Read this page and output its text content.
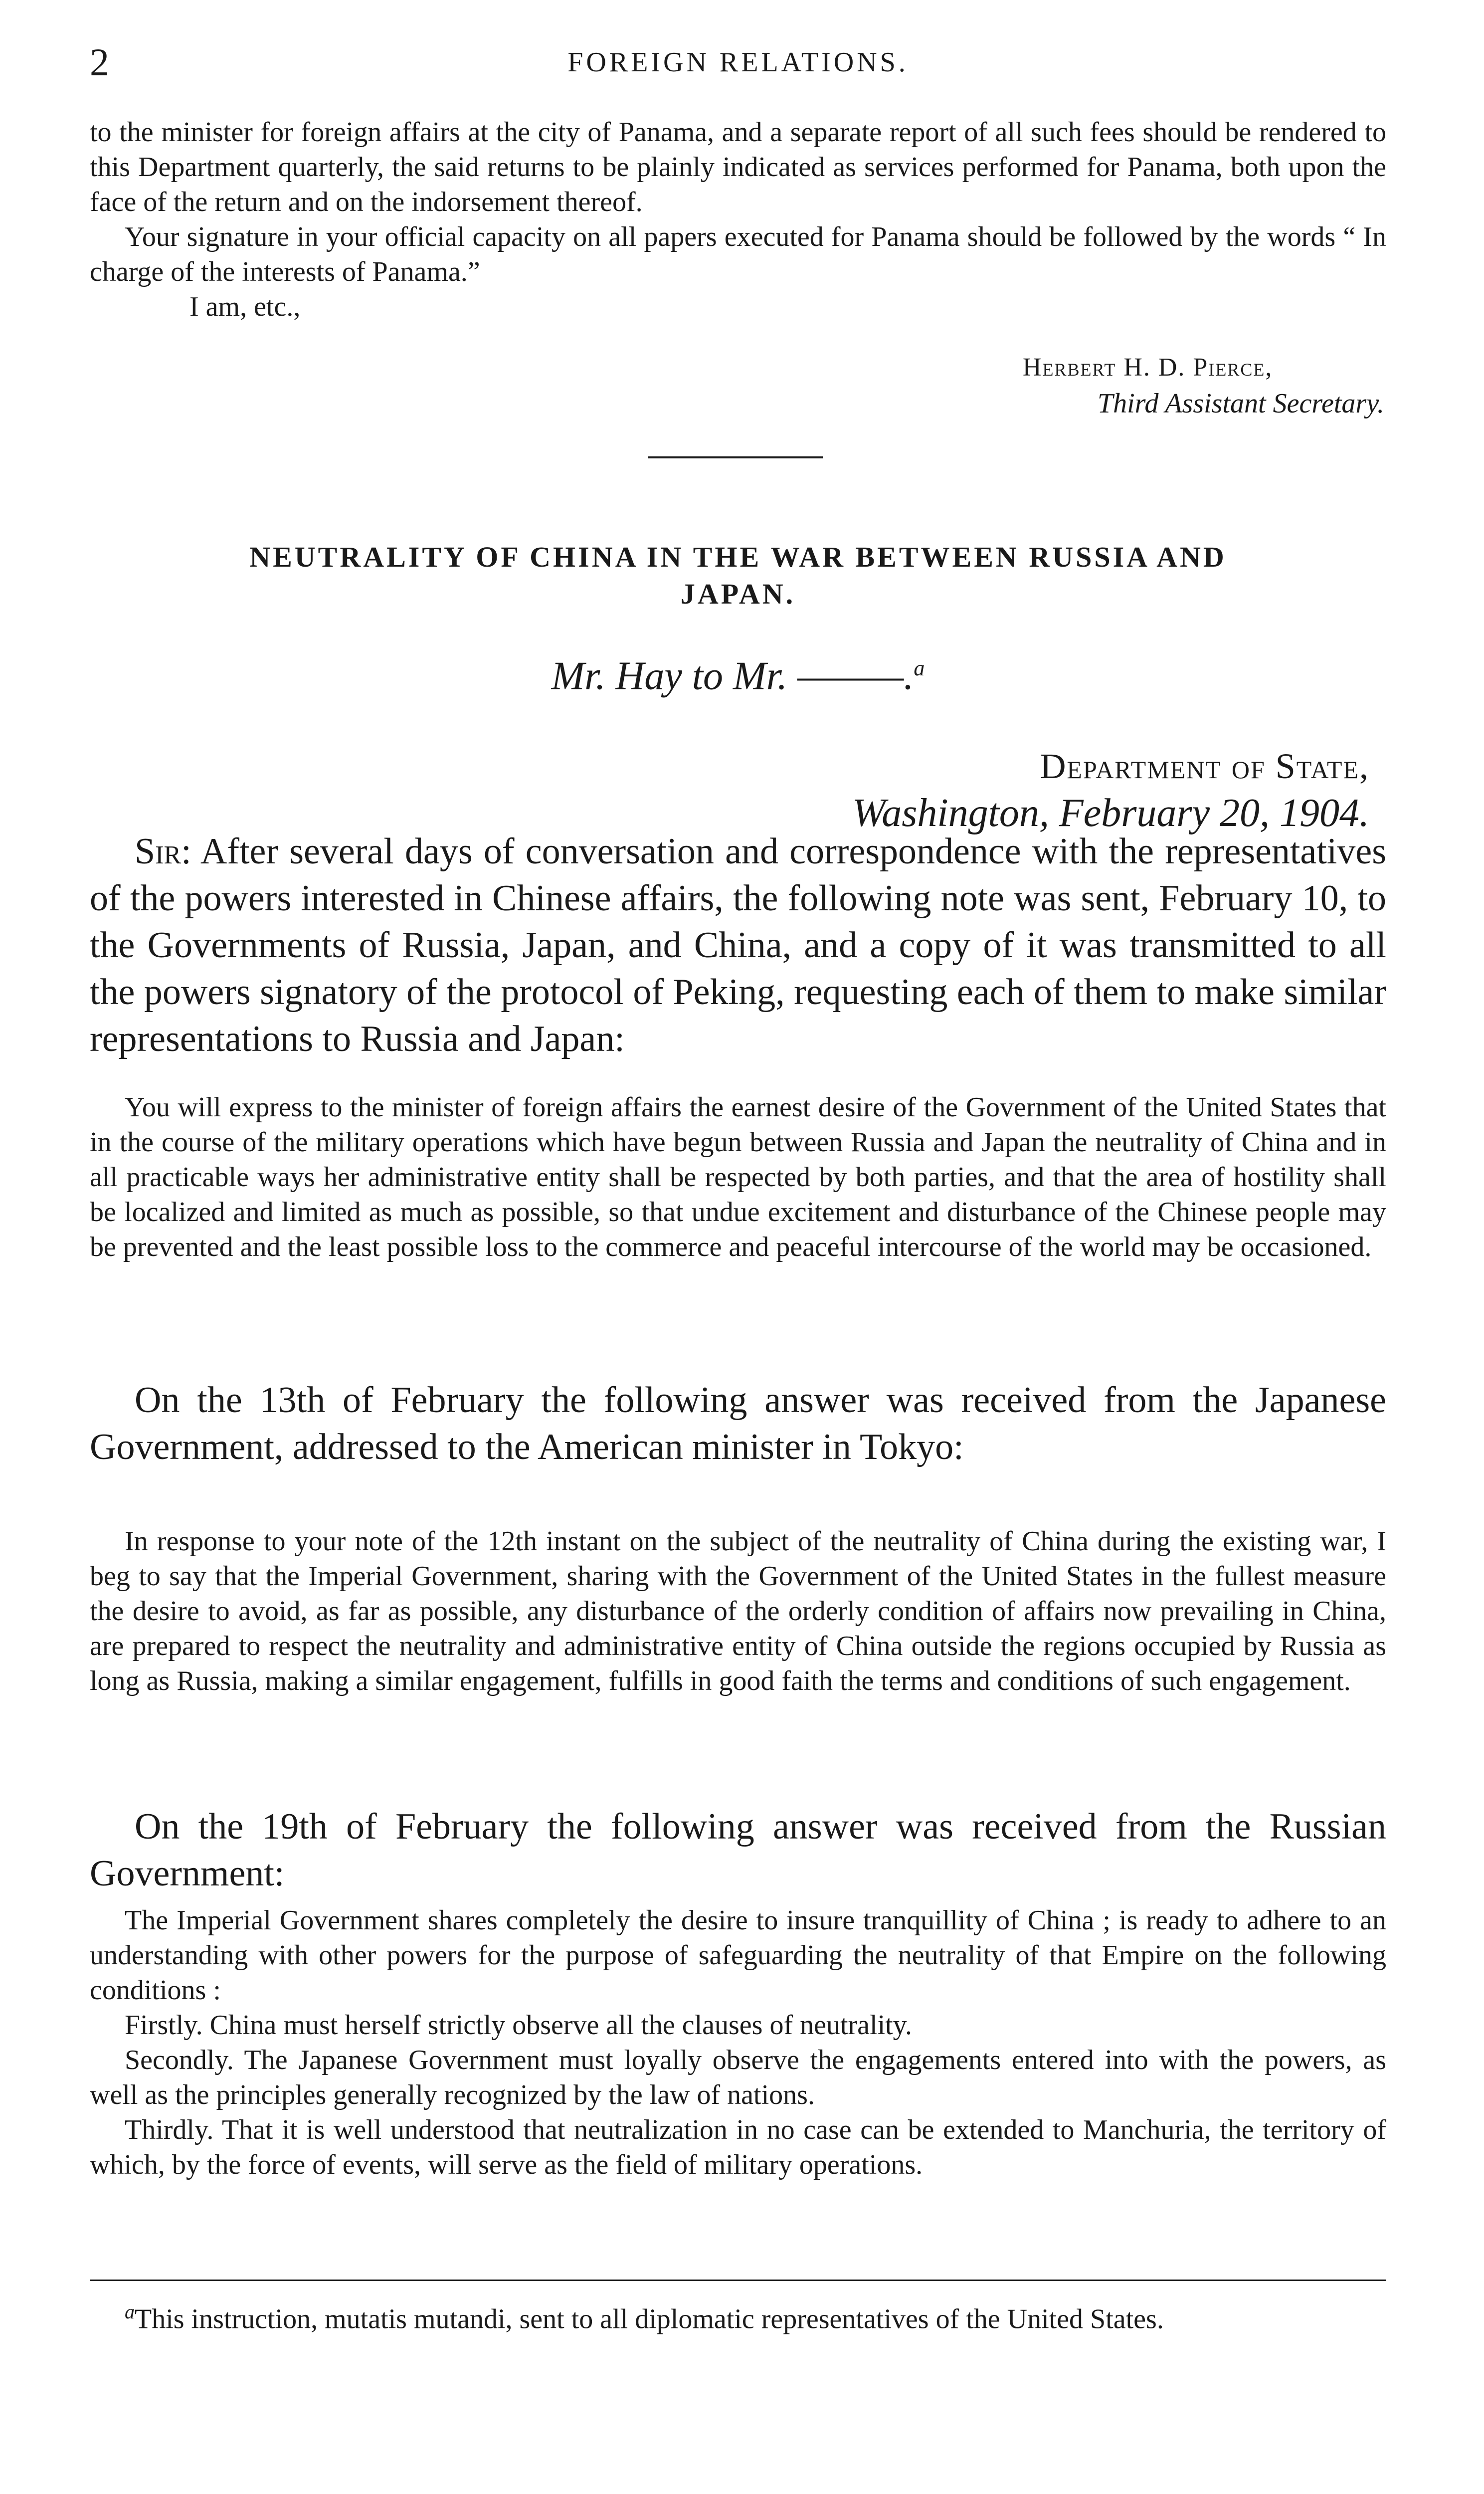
2	FOREIGN RELATIONS.

to the minister for foreign affairs at the city of Panama, and a separate report of all such fees should be rendered to this Department quarterly, the said returns to be plainly indicated as services performed for Panama, both upon the face of the return and on the indorsement thereof.

Your signature in your official capacity on all papers executed for Panama should be followed by the words “ In charge of the interests of Panama.”

I am, etc.,

Herbert H. D. Pierce,
Third Assistant Secretary.
NEUTRALITY OF CHINA IN THE WAR BETWEEN RUSSIA AND
JAPAN.
Mr. Hay to Mr. ———.$^a$
Department of State,
Washington, February 20, 1904.

Sir: After several days of conversation and correspondence with the representatives of the powers interested in Chinese affairs, the following note was sent, February 10, to the Governments of Russia, Japan, and China, and a copy of it was transmitted to all the powers signatory of the protocol of Peking, requesting each of them to make similar representations to Russia and Japan:

You will express to the minister of foreign affairs the earnest desire of the Government of the United States that in the course of the military operations which have begun between Russia and Japan the neutrality of China and in all practicable ways her administrative entity shall be respected by both parties, and that the area of hostility shall be localized and limited as much as possible, so that undue excitement and disturbance of the Chinese people may be prevented and the least possible loss to the commerce and peaceful intercourse of the world may be occasioned.

On the 13th of February the following answer was received from the Japanese Government, addressed to the American minister in Tokyo:

In response to your note of the 12th instant on the subject of the neutrality of China during the existing war, I beg to say that the Imperial Government, sharing with the Government of the United States in the fullest measure the desire to avoid, as far as possible, any disturbance of the orderly condition of affairs now prevailing in China, are prepared to respect the neutrality and administrative entity of China outside the regions occupied by Russia as long as Russia, making a similar engagement, fulfills in good faith the terms and conditions of such engagement.

On the 19th of February the following answer was received from the Russian Government:

The Imperial Government shares completely the desire to insure tranquillity of China ; is ready to adhere to an understanding with other powers for the purpose of safeguarding the neutrality of that Empire on the following conditions :

Firstly. China must herself strictly observe all the clauses of neutrality.

Secondly. The Japanese Government must loyally observe the engagements entered into with the powers, as well as the principles generally recognized by the law of nations.

Thirdly. That it is well understood that neutralization in no case can be extended to Manchuria, the territory of which, by the force of events, will serve as the field of military operations.

$^a$This instruction, mutatis mutandi, sent to all diplomatic representatives of the United States.
